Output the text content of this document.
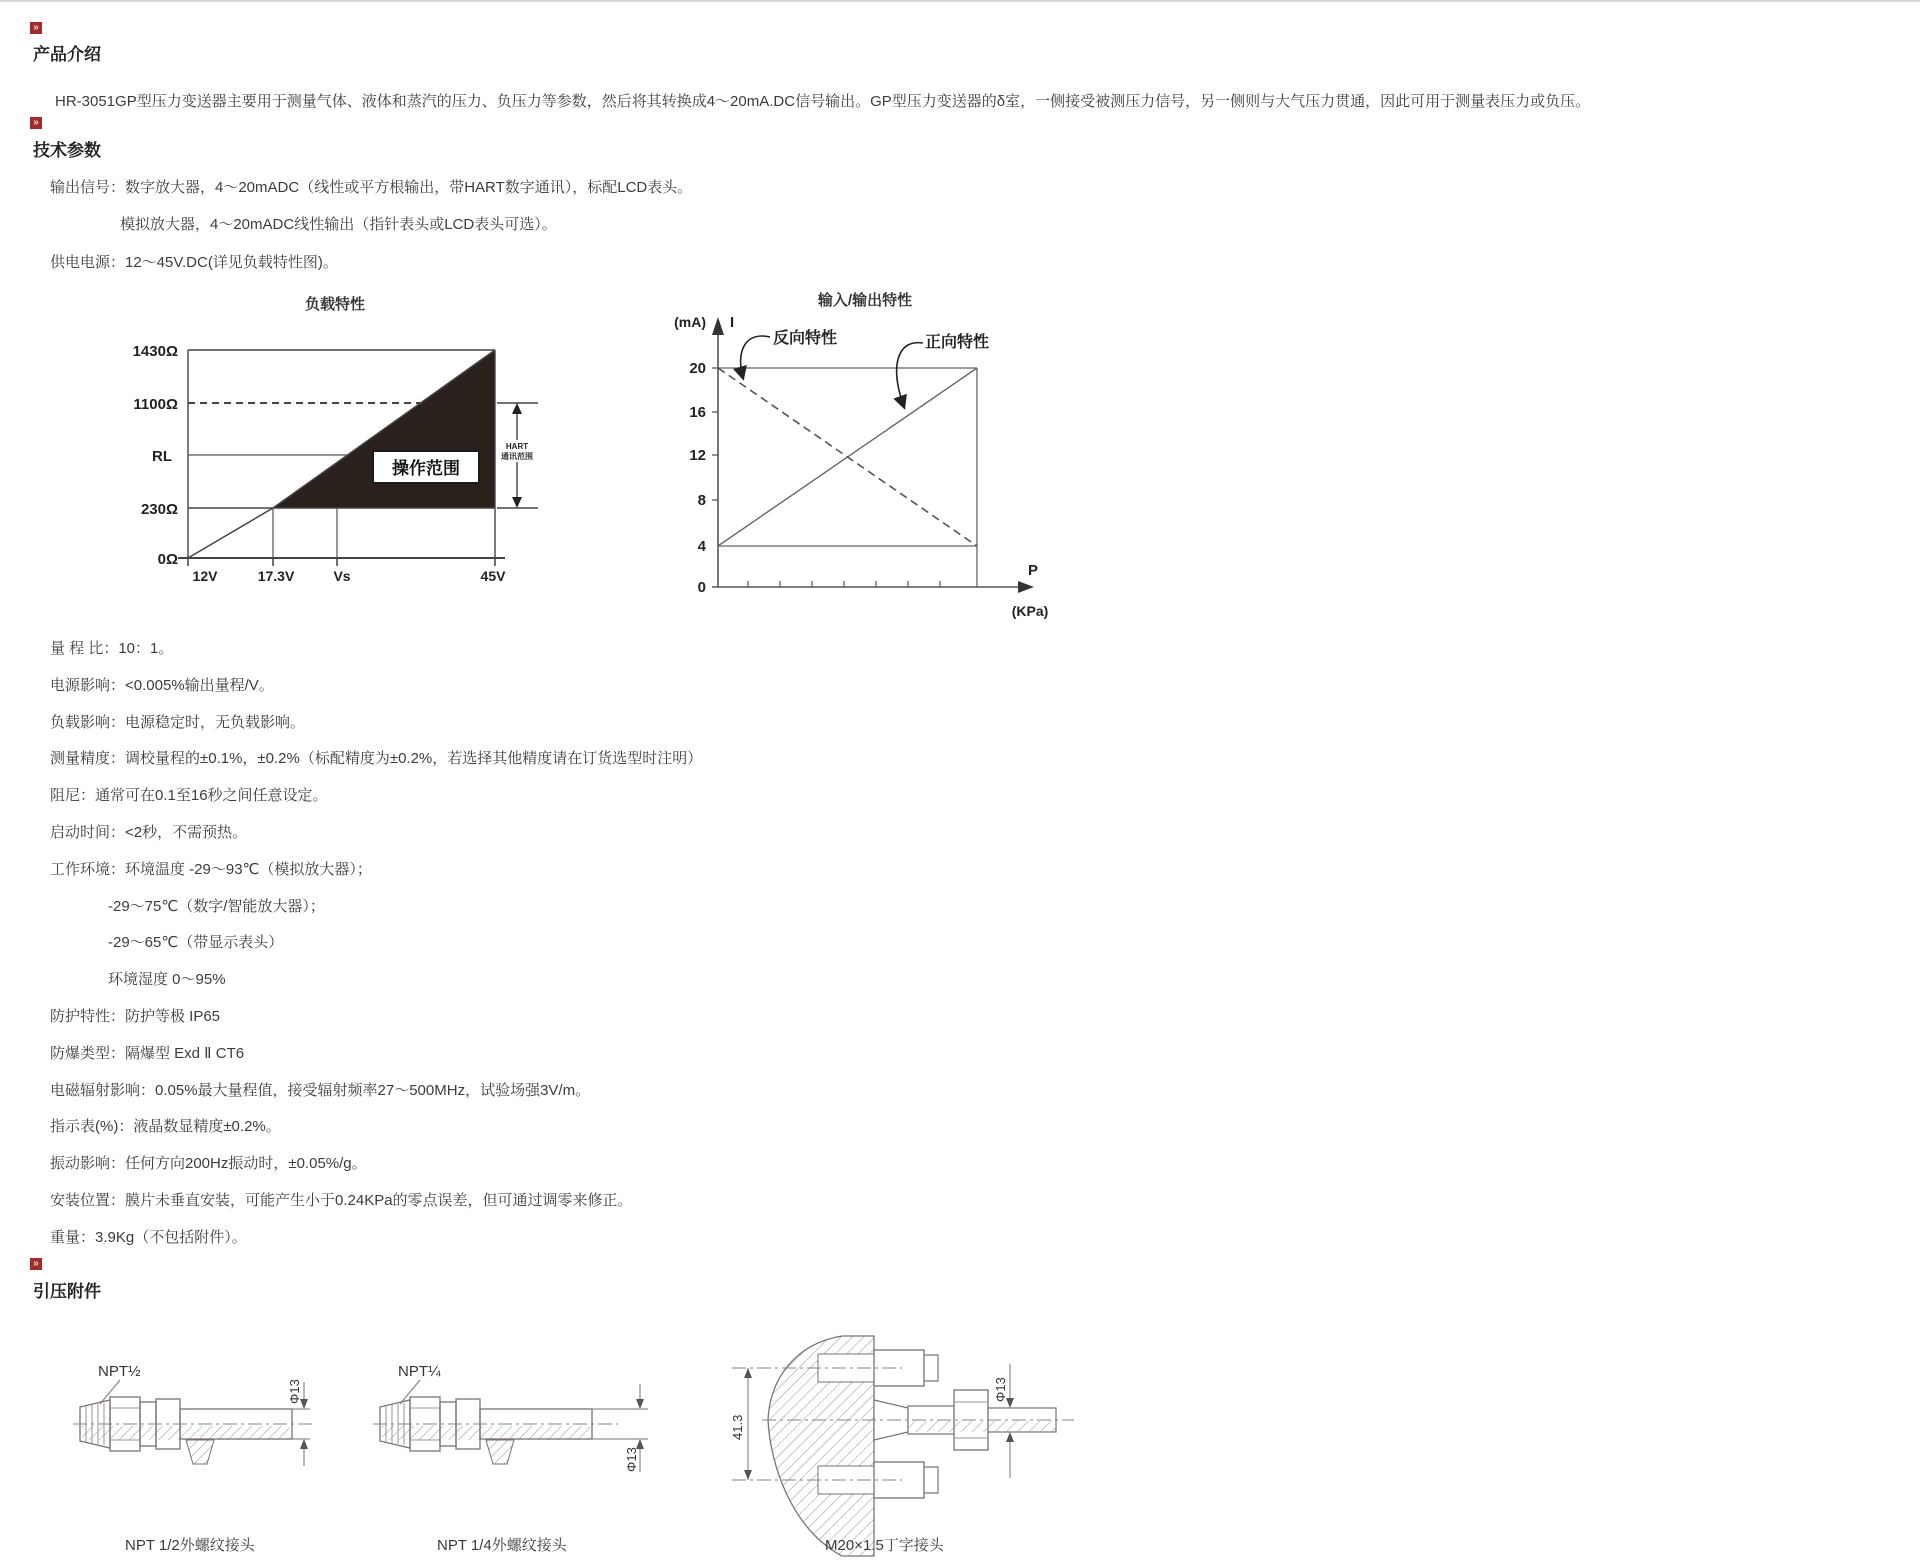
»
产品介绍

HR-3051GP型压力变送器主要用于测量气体、液体和蒸汽的压力、负压力等参数，然后将其转换成4～20mA.DC信号输出。GP型压力变送器的δ室，一侧接受被测压力信号，另一侧则与大气压力贯通，因此可用于测量表压力或负压。

»
技术参数

输出信号：数字放大器，4～20mADC（线性或平方根输出，带HART数字通讯），标配LCD表头。

模拟放大器，4～20mADC线性输出（指针表头或LCD表头可选）。

供电电源：12～45V.DC(详见负载特性图)。

负载特性
1430Ω
1100Ω
RL
230Ω
0Ω
12V	17.3V	Vs	45V
操作范围
HART
通讯范围
输入/输出特性
(mA) I
20
16
12
8
4
0
反向特性	正向特性
P
(KPa)
量 程 比：10：1。
电源影响：<0.005%输出量程/V。
负载影响：电源稳定时，无负载影响。
测量精度：调校量程的±0.1%，±0.2%（标配精度为±0.2%，若选择其他精度请在订货选型时注明）
阻尼：通常可在0.1至16秒之间任意设定。
启动时间：<2秒，不需预热。
工作环境：环境温度 -29～93℃（模拟放大器）；
-29～75℃（数字/智能放大器）；
-29～65℃（带显示表头）
环境湿度 0～95%
防护特性：防护等极 IP65
防爆类型：隔爆型 Exd Ⅱ CT6
电磁辐射影响：0.05%最大量程值，接受辐射频率27～500MHz，试验场强3V/m。
指示表(%)：液晶数显精度±0.2%。
振动影响：任何方向200Hz振动时，±0.05%/g。
安装位置：膜片未垂直安装，可能产生小于0.24KPa的零点误差，但可通过调零来修正。
重量：3.9Kg（不包括附件）。
»
引压附件
NPT½
Φ13
NPT¼
Φ13
41.3
Φ13
NPT 1/2外螺纹接头	NPT 1/4外螺纹接头	M20×1.5丁字接头
